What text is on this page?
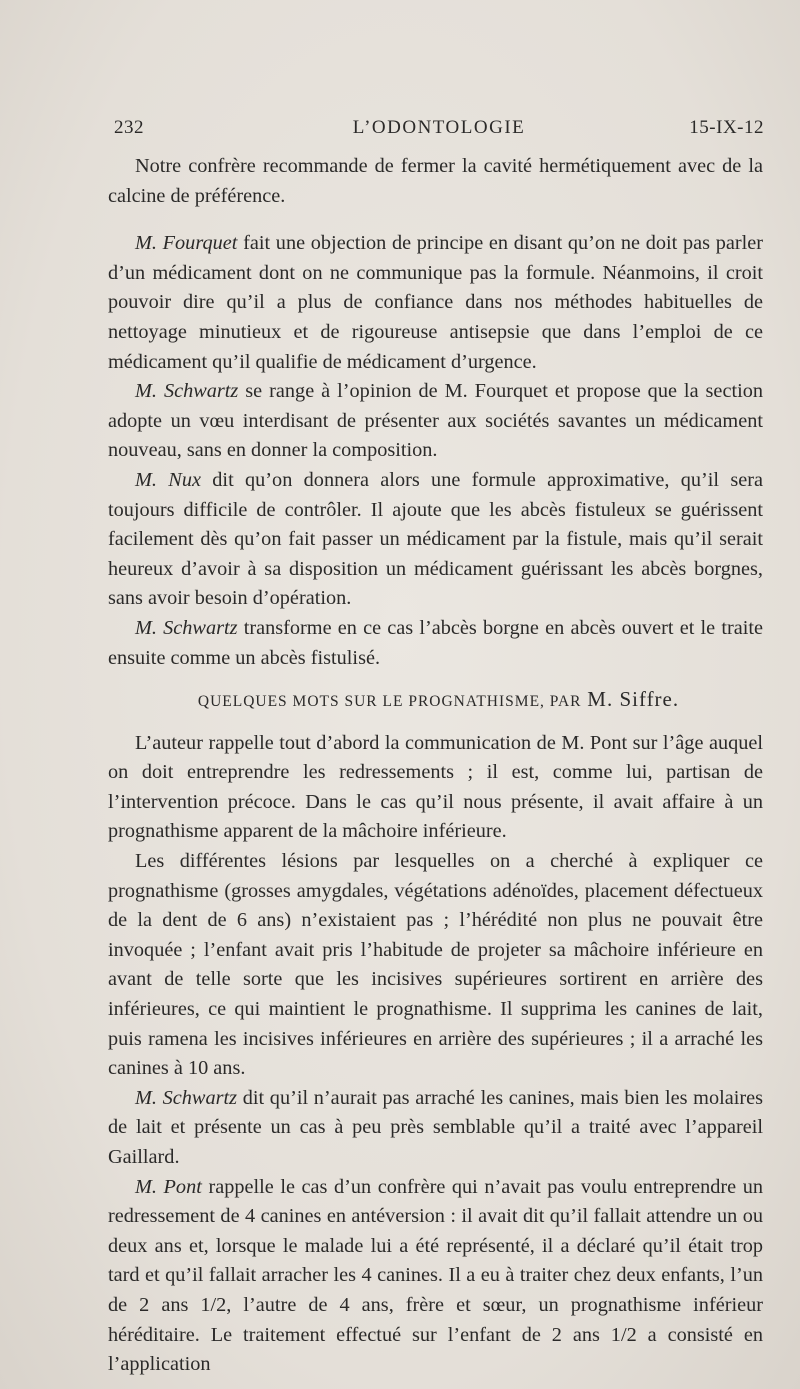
232	L’ODONTOLOGIE	15-IX-12

Notre confrère recommande de fermer la cavité hermétiquement avec de la calcine de préférence.

M. Fourquet fait une objection de principe en disant qu’on ne doit pas parler d’un médicament dont on ne communique pas la formule. Néanmoins, il croit pouvoir dire qu’il a plus de confiance dans nos méthodes habituelles de nettoyage minutieux et de rigoureuse antisepsie que dans l’emploi de ce médicament qu’il qualifie de médicament d’urgence.

M. Schwartz se range à l’opinion de M. Fourquet et propose que la section adopte un vœu interdisant de présenter aux sociétés savantes un médicament nouveau, sans en donner la composition.

M. Nux dit qu’on donnera alors une formule approximative, qu’il sera toujours difficile de contrôler. Il ajoute que les abcès fistuleux se guérissent facilement dès qu’on fait passer un médicament par la fistule, mais qu’il serait heureux d’avoir à sa disposition un médicament guérissant les abcès borgnes, sans avoir besoin d’opération.

M. Schwartz transforme en ce cas l’abcès borgne en abcès ouvert et le traite ensuite comme un abcès fistulisé.

QUELQUES MOTS SUR LE PROGNATHISME, PAR M. Siffre.

L’auteur rappelle tout d’abord la communication de M. Pont sur l’âge auquel on doit entreprendre les redressements ; il est, comme lui, partisan de l’intervention précoce. Dans le cas qu’il nous présente, il avait affaire à un prognathisme apparent de la mâchoire inférieure.

Les différentes lésions par lesquelles on a cherché à expliquer ce prognathisme (grosses amygdales, végétations adénoïdes, placement défectueux de la dent de 6 ans) n’existaient pas ; l’hérédité non plus ne pouvait être invoquée ; l’enfant avait pris l’habitude de projeter sa mâchoire inférieure en avant de telle sorte que les incisives supérieures sortirent en arrière des inférieures, ce qui maintient le prognathisme. Il supprima les canines de lait, puis ramena les incisives inférieures en arrière des supérieures ; il a arraché les canines à 10 ans.

M. Schwartz dit qu’il n’aurait pas arraché les canines, mais bien les molaires de lait et présente un cas à peu près semblable qu’il a traité avec l’appareil Gaillard.

M. Pont rappelle le cas d’un confrère qui n’avait pas voulu entreprendre un redressement de 4 canines en antéversion : il avait dit qu’il fallait attendre un ou deux ans et, lorsque le malade lui a été représenté, il a déclaré qu’il était trop tard et qu’il fallait arracher les 4 canines. Il a eu à traiter chez deux enfants, l’un de 2 ans 1/2, l’autre de 4 ans, frère et sœur, un prognathisme inférieur héréditaire. Le traitement effectué sur l’enfant de 2 ans 1/2 a consisté en l’application
